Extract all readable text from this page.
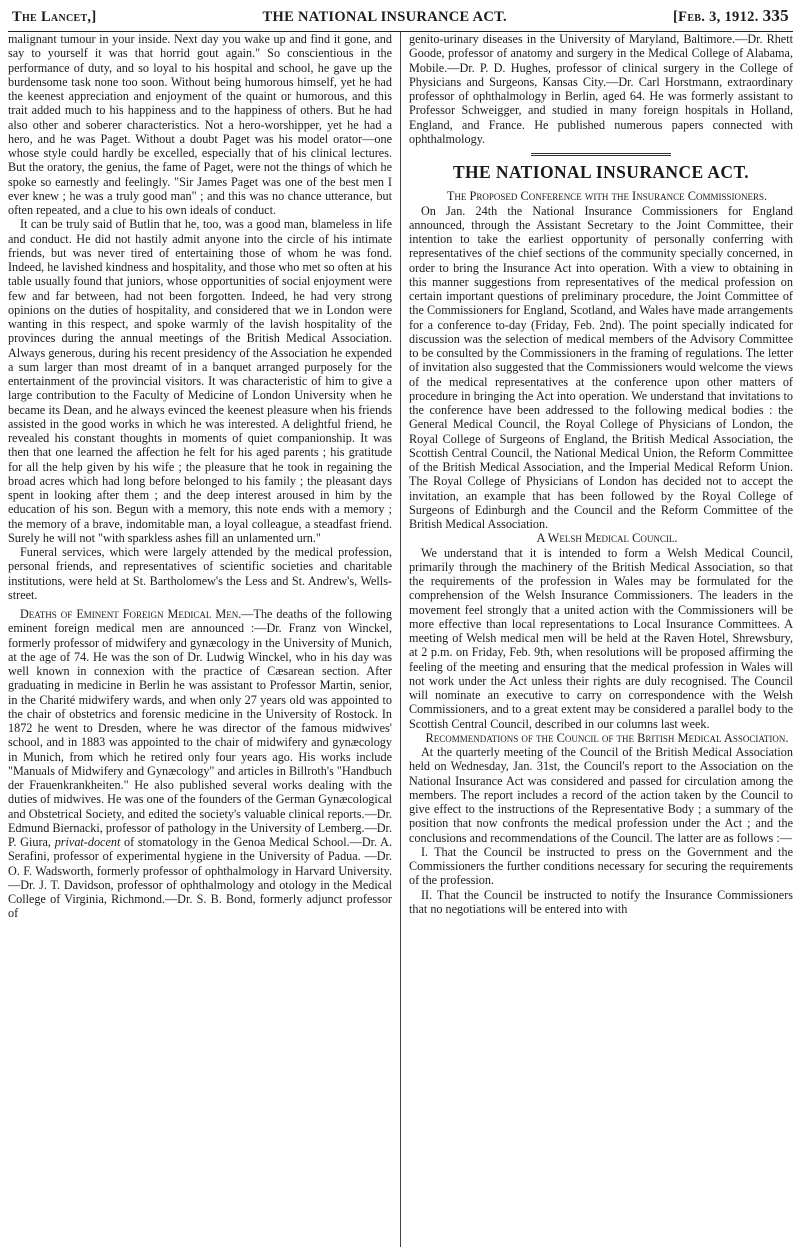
The Lancet,]	THE NATIONAL INSURANCE ACT.	[Feb. 3, 1912. 335

malignant tumour in your inside. Next day you wake up and find it gone, and say to yourself it was that horrid gout again." So conscientious in the performance of duty, and so loyal to his hospital and school, he gave up the burdensome task none too soon. Without being humorous himself, yet he had the keenest appreciation and enjoyment of the quaint or humorous, and this trait added much to his happiness and to the happiness of others. But he had also other and soberer characteristics. Not a hero-worshipper, yet he had a hero, and he was Paget. Without a doubt Paget was his model orator—one whose style could hardly be excelled, especially that of his clinical lectures. But the oratory, the genius, the fame of Paget, were not the things of which he spoke so earnestly and feelingly. "Sir James Paget was one of the best men I ever knew ; he was a truly good man" ; and this was no chance utterance, but often repeated, and a clue to his own ideals of conduct.

It can be truly said of Butlin that he, too, was a good man, blameless in life and conduct. He did not hastily admit anyone into the circle of his intimate friends, but was never tired of entertaining those of whom he was fond. Indeed, he lavished kindness and hospitality, and those who met so often at his table usually found that juniors, whose opportunities of social enjoyment were few and far between, had not been forgotten. Indeed, he had very strong opinions on the duties of hospitality, and considered that we in London were wanting in this respect, and spoke warmly of the lavish hospitality of the provinces during the annual meetings of the British Medical Association. Always generous, during his recent presidency of the Association he expended a sum larger than most dreamt of in a banquet arranged purposely for the entertainment of the provincial visitors. It was characteristic of him to give a large contribution to the Faculty of Medicine of London University when he became its Dean, and he always evinced the keenest pleasure when his friends assisted in the good works in which he was interested. A delightful friend, he revealed his constant thoughts in moments of quiet companionship. It was then that one learned the affection he felt for his aged parents ; his gratitude for all the help given by his wife ; the pleasure that he took in regaining the broad acres which had long before belonged to his family ; the pleasant days spent in looking after them ; and the deep interest aroused in him by the education of his son. Begun with a memory, this note ends with a memory ; the memory of a brave, indomitable man, a loyal colleague, a steadfast friend. Surely he will not "with sparkless ashes fill an unlamented urn."

Funeral services, which were largely attended by the medical profession, personal friends, and representatives of scientific societies and charitable institutions, were held at St. Bartholomew's the Less and St. Andrew's, Wells-street.

Deaths of Eminent Foreign Medical Men.—The deaths of the following eminent foreign medical men are announced :—Dr. Franz von Winckel, formerly professor of midwifery and gynæcology in the University of Munich, at the age of 74. He was the son of Dr. Ludwig Winckel, who in his day was well known in connexion with the practice of Cæsarean section. After graduating in medicine in Berlin he was assistant to Professor Martin, senior, in the Charité midwifery wards, and when only 27 years old was appointed to the chair of obstetrics and forensic medicine in the University of Rostock. In 1872 he went to Dresden, where he was director of the famous midwives' school, and in 1883 was appointed to the chair of midwifery and gynæcology in Munich, from which he retired only four years ago. His works include "Manuals of Midwifery and Gynæcology" and articles in Billroth's "Handbuch der Frauenkrankheiten." He also published several works dealing with the duties of midwives. He was one of the founders of the German Gynæcological and Obstetrical Society, and edited the society's valuable clinical reports.—Dr. Edmund Biernacki, professor of pathology in the University of Lemberg.—Dr. P. Giura, privat-docent of stomatology in the Genoa Medical School.—Dr. A. Serafini, professor of experimental hygiene in the University of Padua. —Dr. O. F. Wadsworth, formerly professor of ophthalmology in Harvard University.—Dr. J. T. Davidson, professor of ophthalmology and otology in the Medical College of Virginia, Richmond.—Dr. S. B. Bond, formerly adjunct professor of

genito-urinary diseases in the University of Maryland, Baltimore.—Dr. Rhett Goode, professor of anatomy and surgery in the Medical College of Alabama, Mobile.—Dr. P. D. Hughes, professor of clinical surgery in the College of Physicians and Surgeons, Kansas City.—Dr. Carl Horstmann, extraordinary professor of ophthalmology in Berlin, aged 64. He was formerly assistant to Professor Schweigger, and studied in many foreign hospitals in Holland, England, and France. He published numerous papers connected with ophthalmology.

THE NATIONAL INSURANCE ACT.

The Proposed Conference with the Insurance Commissioners.

On Jan. 24th the National Insurance Commissioners for England announced, through the Assistant Secretary to the Joint Committee, their intention to take the earliest opportunity of personally conferring with representatives of the chief sections of the community specially concerned, in order to bring the Insurance Act into operation. With a view to obtaining in this manner suggestions from representatives of the medical profession on certain important questions of preliminary procedure, the Joint Committee of the Commissioners for England, Scotland, and Wales have made arrangements for a conference to-day (Friday, Feb. 2nd). The point specially indicated for discussion was the selection of medical members of the Advisory Committee to be consulted by the Commissioners in the framing of regulations. The letter of invitation also suggested that the Commissioners would welcome the views of the medical representatives at the conference upon other matters of procedure in bringing the Act into operation. We understand that invitations to the conference have been addressed to the following medical bodies : the General Medical Council, the Royal College of Physicians of London, the Royal College of Surgeons of England, the British Medical Association, the Scottish Central Council, the National Medical Union, the Reform Committee of the British Medical Association, and the Imperial Medical Reform Union. The Royal College of Physicians of London has decided not to accept the invitation, an example that has been followed by the Royal College of Surgeons of Edinburgh and the Council and the Reform Committee of the British Medical Association.

A Welsh Medical Council.

We understand that it is intended to form a Welsh Medical Council, primarily through the machinery of the British Medical Association, so that the requirements of the profession in Wales may be formulated for the comprehension of the Welsh Insurance Commissioners. The leaders in the movement feel strongly that a united action with the Commissioners will be more effective than local representations to Local Insurance Committees. A meeting of Welsh medical men will be held at the Raven Hotel, Shrewsbury, at 2 p.m. on Friday, Feb. 9th, when resolutions will be proposed affirming the feeling of the meeting and ensuring that the medical profession in Wales will not work under the Act unless their rights are duly recognised. The Council will nominate an executive to carry on correspondence with the Welsh Commissioners, and to a great extent may be considered a parallel body to the Scottish Central Council, described in our columns last week.

Recommendations of the Council of the British Medical Association.

At the quarterly meeting of the Council of the British Medical Association held on Wednesday, Jan. 31st, the Council's report to the Association on the National Insurance Act was considered and passed for circulation among the members. The report includes a record of the action taken by the Council to give effect to the instructions of the Representative Body ; a summary of the position that now confronts the medical profession under the Act ; and the conclusions and recommendations of the Council. The latter are as follows :—

I. That the Council be instructed to press on the Government and the Commissioners the further conditions necessary for securing the requirements of the profession.

II. That the Council be instructed to notify the Insurance Commissioners that no negotiations will be entered into with
